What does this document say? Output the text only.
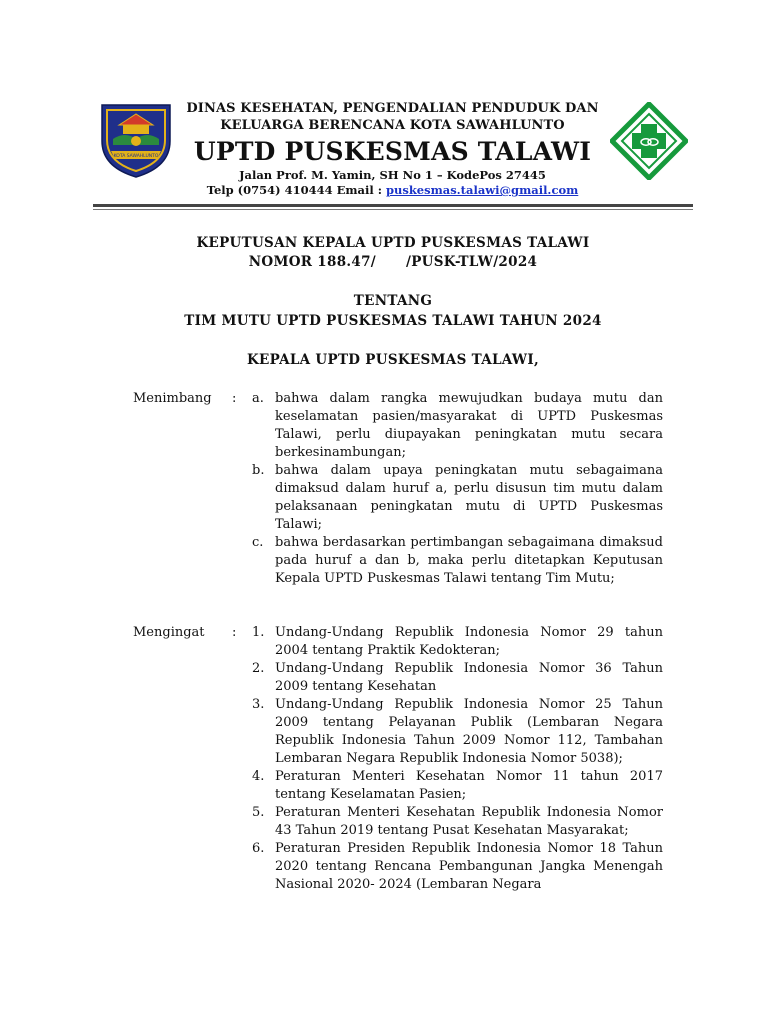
KOTA SAWAHLUNTO
DINAS KESEHATAN, PENGENDALIAN PENDUDUK DAN
KELUARGA BERENCANA KOTA SAWAHLUNTO
UPTD PUSKESMAS TALAWI
Jalan Prof. M. Yamin, SH No 1 – KodePos 27445
Telp (0754) 410444 Email : puskesmas.talawi@gmail.com
KEPUTUSAN KEPALA UPTD PUSKESMAS TALAWI
NOMOR 188.47/      /PUSK-TLW/2024
TENTANG
TIM MUTU UPTD PUSKESMAS TALAWI TAHUN 2024
KEPALA UPTD PUSKESMAS TALAWI,
Menimbang : a. bahwa dalam rangka mewujudkan budaya mutu dan keselamatan pasien/masyarakat di UPTD Puskesmas Talawi, perlu diupayakan peningkatan mutu secara berkesinambungan;
b. bahwa dalam upaya peningkatan mutu sebagaimana dimaksud dalam huruf a, perlu disusun tim mutu dalam pelaksanaan peningkatan mutu di UPTD Puskesmas Talawi;
c. bahwa berdasarkan pertimbangan sebagaimana dimaksud pada huruf a dan b, maka perlu ditetapkan Keputusan Kepala UPTD Puskesmas Talawi tentang Tim Mutu;
Mengingat : 1. Undang-Undang Republik Indonesia Nomor 29 tahun 2004 tentang Praktik Kedokteran;
2. Undang-Undang Republik Indonesia Nomor 36 Tahun 2009 tentang Kesehatan
3. Undang-Undang Republik Indonesia Nomor 25 Tahun 2009 tentang Pelayanan Publik (Lembaran Negara Republik Indonesia Tahun 2009 Nomor 112, Tambahan Lembaran Negara Republik Indonesia Nomor 5038);
4. Peraturan Menteri Kesehatan Nomor 11 tahun 2017 tentang Keselamatan Pasien;
5. Peraturan Menteri Kesehatan Republik Indonesia Nomor 43 Tahun 2019 tentang Pusat Kesehatan Masyarakat;
6. Peraturan Presiden Republik Indonesia Nomor 18 Tahun 2020 tentang Rencana Pembangunan Jangka Menengah Nasional 2020- 2024 (Lembaran Negara
